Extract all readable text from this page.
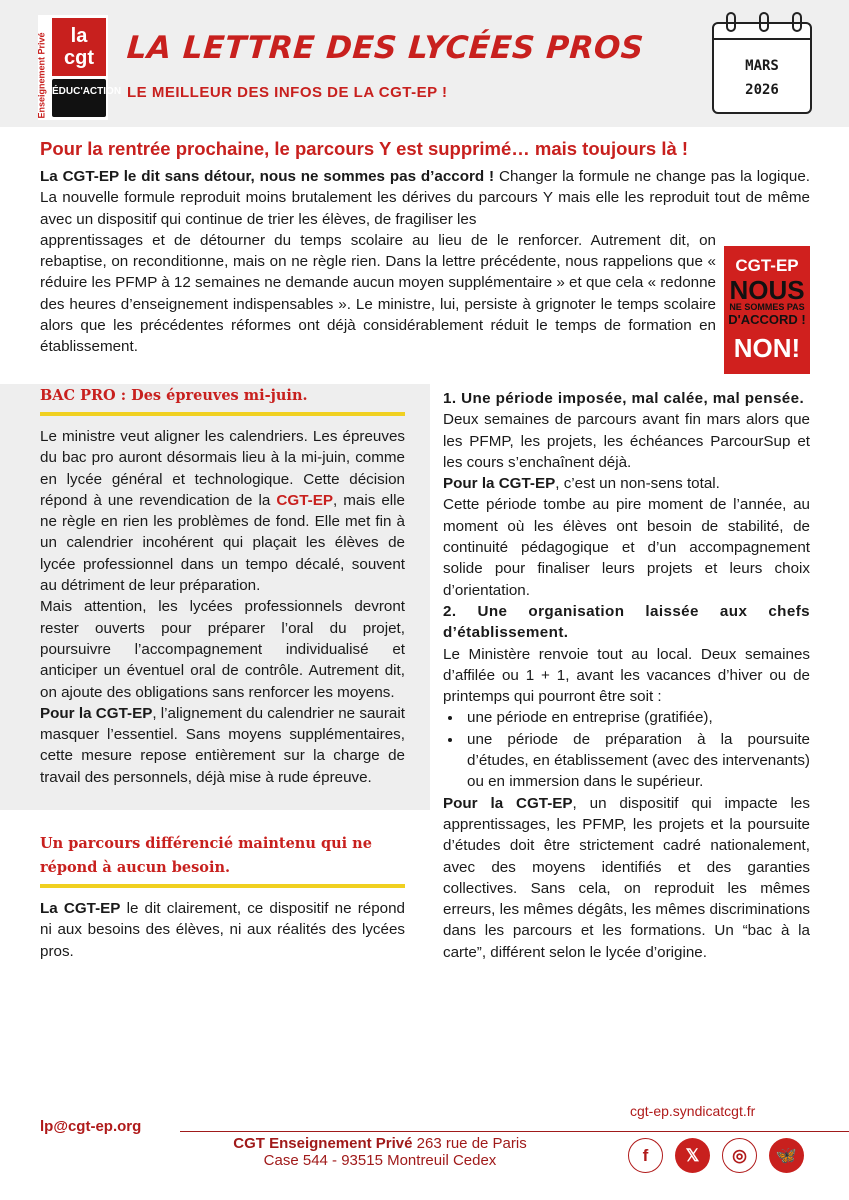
la cgt
Enseignement Privé ÉDUC'ACTION
LA LETTRE DES LYCÉES PROS
LE MEILLEUR DES INFOS DE LA CGT-EP !
MARS
2026
Pour la rentrée prochaine, le parcours Y est supprimé… mais toujours là !
La CGT-EP le dit sans détour, nous ne sommes pas d’accord ! Changer la formule ne change pas la logique. La nouvelle formule reproduit moins brutalement les dérives du parcours Y mais elle les reproduit tout de même avec un dispositif qui continue de trier les élèves, de fragiliser les
apprentissages et de détourner du temps scolaire au lieu de le renforcer. Autrement dit, on rebaptise, on reconditionne, mais on ne règle rien. Dans la lettre précédente, nous rappelions que « réduire les PFMP à 12 semaines ne demande aucun moyen supplémentaire » et que cela « redonne des heures d’enseignement indispensables ». Le ministre, lui, persiste à grignoter le temps scolaire alors que les précédentes réformes ont déjà considérablement réduit le temps de formation en établissement.
CGT-EP
NOUS
NE SOMMES PAS
D'ACCORD !
NON!
BAC PRO : Des épreuves mi-juin.
Le ministre veut aligner les calendriers. Les épreuves du bac pro auront désormais lieu à la mi-juin, comme en lycée général et technologique. Cette décision répond à une revendication de la CGT-EP, mais elle ne règle en rien les problèmes de fond. Elle met fin à un calendrier incohérent qui plaçait les élèves de lycée professionnel dans un tempo décalé, souvent au détriment de leur préparation.
Mais attention, les lycées professionnels devront rester ouverts pour préparer l’oral du projet, poursuivre l’accompagnement individualisé et anticiper un éventuel oral de contrôle. Autrement dit, on ajoute des obligations sans renforcer les moyens.
Pour la CGT-EP, l’alignement du calendrier ne saurait masquer l’essentiel. Sans moyens supplémentaires, cette mesure repose entièrement sur la charge de travail des personnels, déjà mise à rude épreuve.
Un parcours différencié maintenu qui ne répond à aucun besoin.
La CGT-EP le dit clairement, ce dispositif ne répond ni aux besoins des élèves, ni aux réalités des lycées pros.
1. Une période imposée, mal calée, mal pensée.
Deux semaines de parcours avant fin mars alors que les PFMP, les projets, les échéances ParcourSup et les cours s’enchaînent déjà.
Pour la CGT-EP, c’est un non-sens total.
Cette période tombe au pire moment de l’année, au moment où les élèves ont besoin de stabilité, de continuité pédagogique et d’un accompagnement solide pour finaliser leurs projets et leurs choix d’orientation.
2. Une organisation laissée aux chefs d’établissement.
Le Ministère renvoie tout au local. Deux semaines d’affilée ou 1 + 1, avant les vacances d’hiver ou de printemps qui pourront être soit :
• une période en entreprise (gratifiée),
• une période de préparation à la poursuite d’études, en établissement (avec des intervenants) ou en immersion dans le supérieur.
Pour la CGT-EP, un dispositif qui impacte les apprentissages, les PFMP, les projets et la poursuite d’études doit être strictement cadré nationalement, avec des moyens identifiés et des garanties collectives. Sans cela, on reproduit les mêmes erreurs, les mêmes dégâts, les mêmes discriminations dans les parcours et les formations. Un “bac à la carte”, différent selon le lycée d’origine.
lp@cgt-ep.org
cgt-ep.syndicatcgt.fr
CGT Enseignement Privé 263 rue de Paris
Case 544 - 93515 Montreuil Cedex	f	𝕏	◎	🦋
